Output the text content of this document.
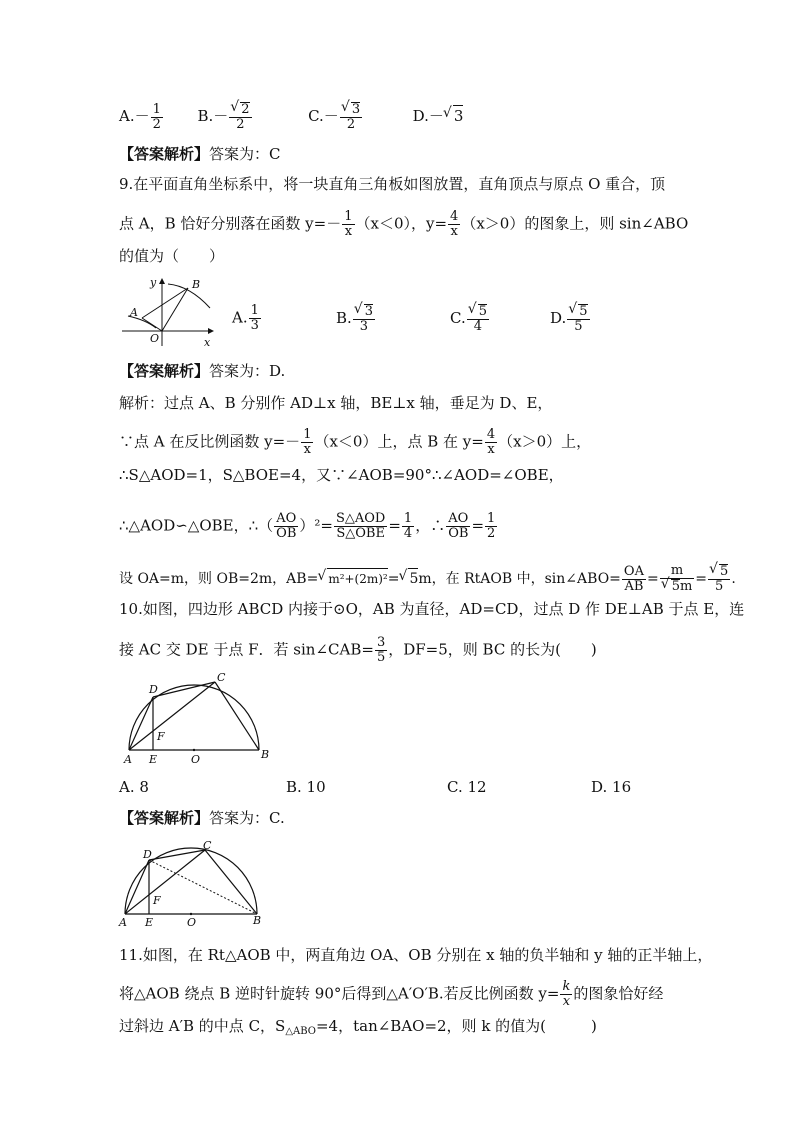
$A.- \frac{1}{2} B.-$ √ $\frac{2}{2}$	C.－ √ $\frac{3}{2}$	D.－ √ 3
【答案解析】答案为：C
9.在平面直角坐标系中，将一块直角三角板如图放置，直角顶点与原点 O 重合，顶
点 A，B 恰好分别落在函数 $y=- \frac{1}{x} (x<0)$，$y= \frac{4}{x} (x>0)$的图象上，则 sin∠ABO
的值为（　　）
y	B
A
O	x
A. $\frac{1}{3}$	B. √ $\frac{3}{3}$	C. √ $\frac{5}{4}$	D. √ $\frac{5}{5}$
【答案解析】答案为：D.
解析：过点 A、B 分别作 AD⊥x 轴，BE⊥x 轴，垂足为 D、E，
∵点 A 在反比例函数 $y=- \frac{1}{x} (x<0)$上，点 B 在 $y= \frac{4}{x} (x>0)$上，
∴S△AOD=1，S△BOE=4，又∵∠AOB=90°∴∠AOD=∠OBE，
∴△AOD∽△OBE，∴（ $\frac{AO}{OB} )^2= \frac{\text{S△AOD}}{\text{S△OBE}} = \frac{1}{4}$ ，∴ $\frac{AO}{OB} = \frac{1}{2}$
设 OA=m，则 OB=2m，AB= √ m²+(2m)²= √ 5m，在 RtAOB 中，sin∠ABO= $\frac{OA}{AB} = m$
√ 5m = √ $\frac{5}{5}$ .
10.如图，四边形 ABCD 内接于⊙O，AB 为直径，AD=CD，过点 D 作 DE⊥AB 于点 E，连
接 AC 交 DE 于点 F．若 sin∠CAB= $\frac{3}{5}$ ，DF=5，则 BC 的长为(　　)
D
C
F
A E	O	B
A. 8	B. 10	C. 12	D. 16
【答案解析】答案为：C.
D
C
F
A E	O	B
11.如图，在 Rt△AOB 中，两直角边 OA、OB 分别在 x 轴的负半轴和 y 轴的正半轴上，
将△AOB 绕点 B 逆时针旋转 90°后得到△A′O′B.若反比例函数 $y= \frac{k}{x}$ 的图象恰好经
过斜边 A′B 的中点 C，$S_{\triangle ABO}=4$，tan∠BAO=2，则 k 的值为(　　　)
